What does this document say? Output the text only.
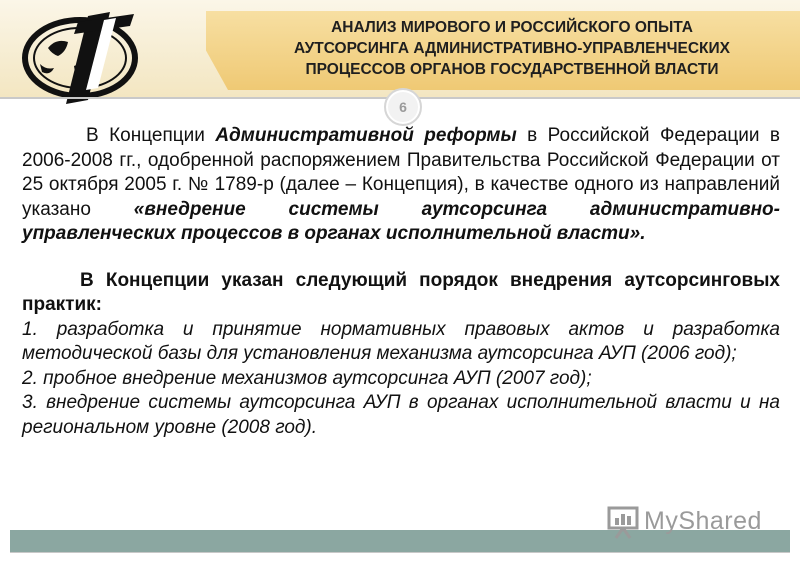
АНАЛИЗ МИРОВОГО И РОССИЙСКОГО ОПЫТА
АУТСОРСИНГА АДМИНИСТРАТИВНО-УПРАВЛЕНЧЕСКИХ
ПРОЦЕССОВ ОРГАНОВ ГОСУДАРСТВЕННОЙ ВЛАСТИ
6

В Концепции Административной реформы в Российской Федерации в 2006-2008 гг., одобренной распоряжением Правительства Российской Федерации от 25 октября 2005 г. № 1789-р (далее – Концепция), в качестве одного из направлений указано «внедрение системы аутсорсинга административно-управленческих процессов в органах исполнительной власти».

В Концепции указан следующий порядок внедрения аутсорсинговых практик:

1. разработка и принятие нормативных правовых актов и разработка методической базы для установления механизма аутсорсинга АУП (2006 год);

2. пробное внедрение механизмов аутсорсинга АУП (2007 год);

3. внедрение системы аутсорсинга АУП в органах исполнительной власти и на региональном уровне (2008 год).

MyShared
